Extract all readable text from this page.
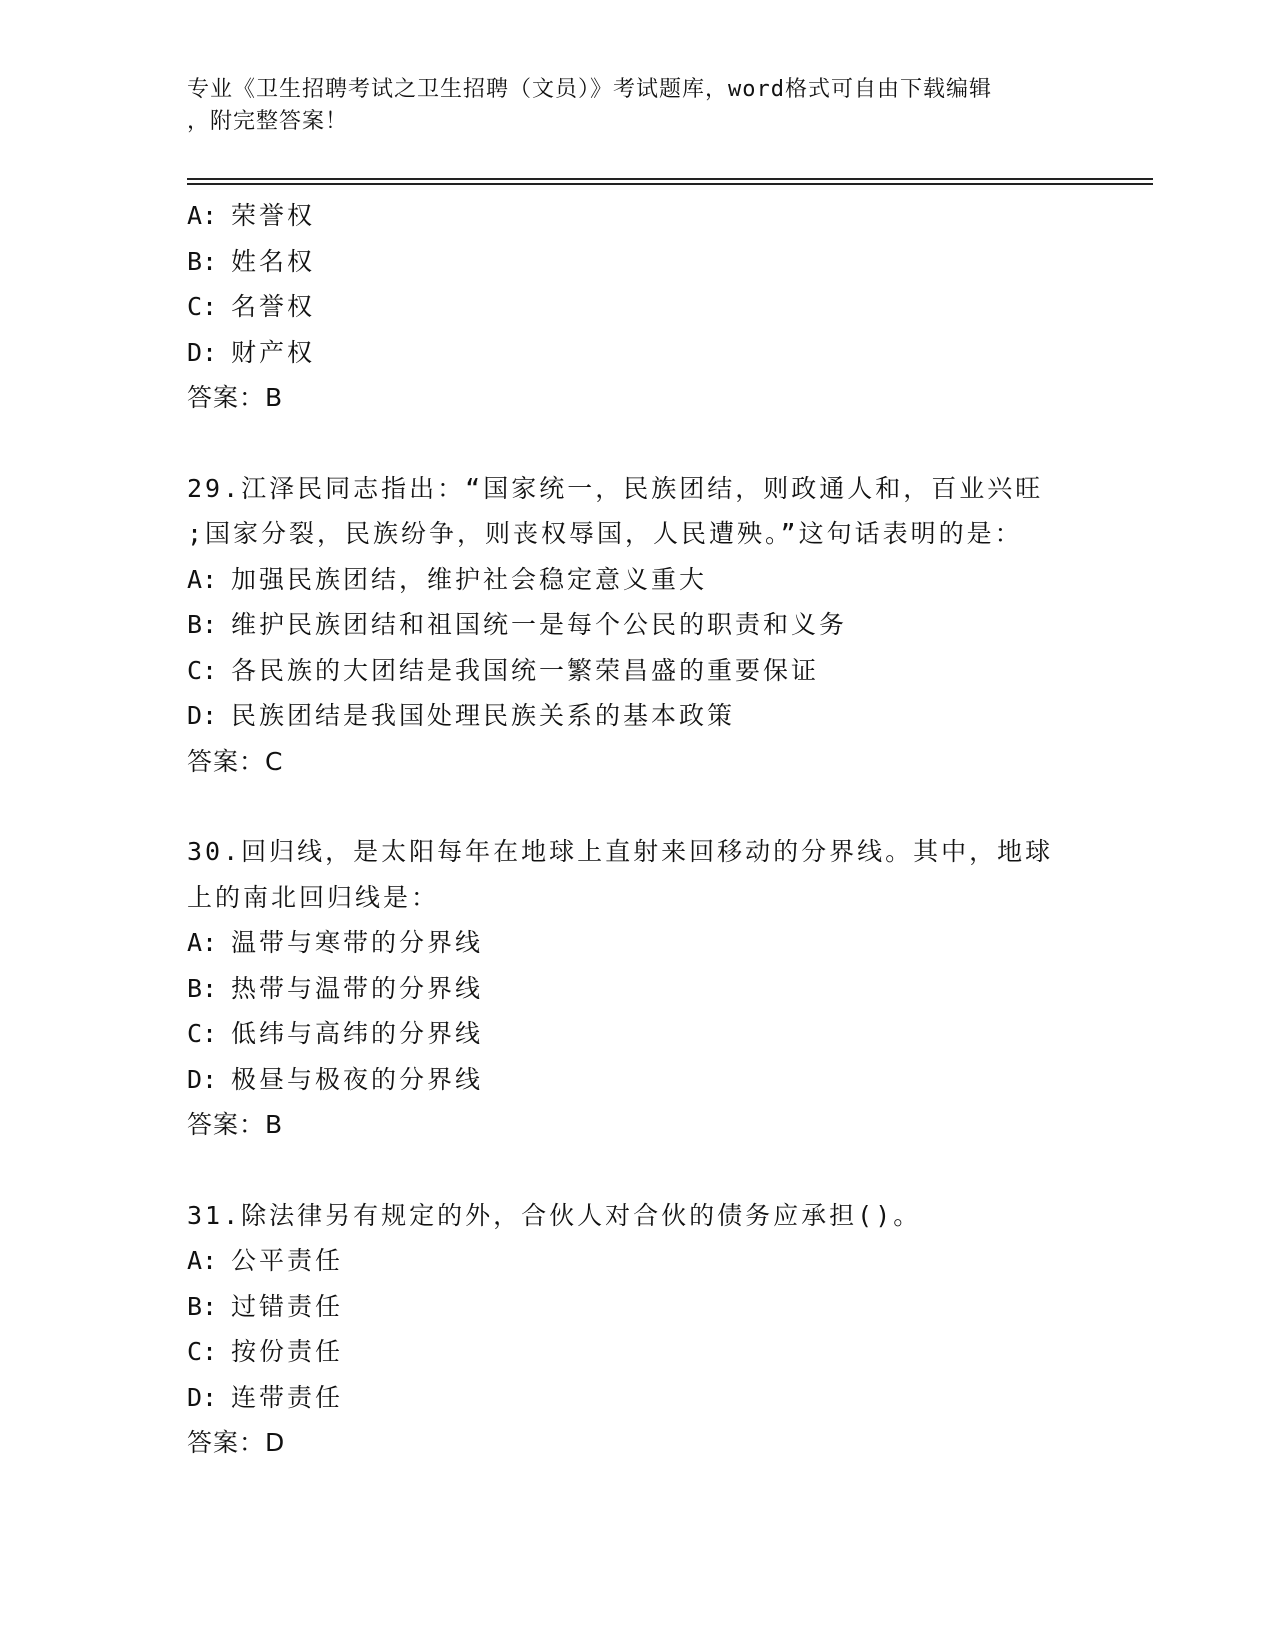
专业《卫生招聘考试之卫生招聘（文员）》考试题库，word格式可自由下载编辑

，附完整答案！

A: 荣誉权
B: 姓名权
C: 名誉权
D: 财产权
答案：B
29.江泽民同志指出：“国家统一，民族团结，则政通人和，百业兴旺
;国家分裂，民族纷争，则丧权辱国，人民遭殃。”这句话表明的是：
A: 加强民族团结，维护社会稳定意义重大
B: 维护民族团结和祖国统一是每个公民的职责和义务
C: 各民族的大团结是我国统一繁荣昌盛的重要保证
D: 民族团结是我国处理民族关系的基本政策
答案：C
30.回归线，是太阳每年在地球上直射来回移动的分界线。其中，地球
上的南北回归线是：
A: 温带与寒带的分界线
B: 热带与温带的分界线
C: 低纬与高纬的分界线
D: 极昼与极夜的分界线
答案：B
31.除法律另有规定的外，合伙人对合伙的债务应承担()。
A: 公平责任
B: 过错责任
C: 按份责任
D: 连带责任
答案：D
